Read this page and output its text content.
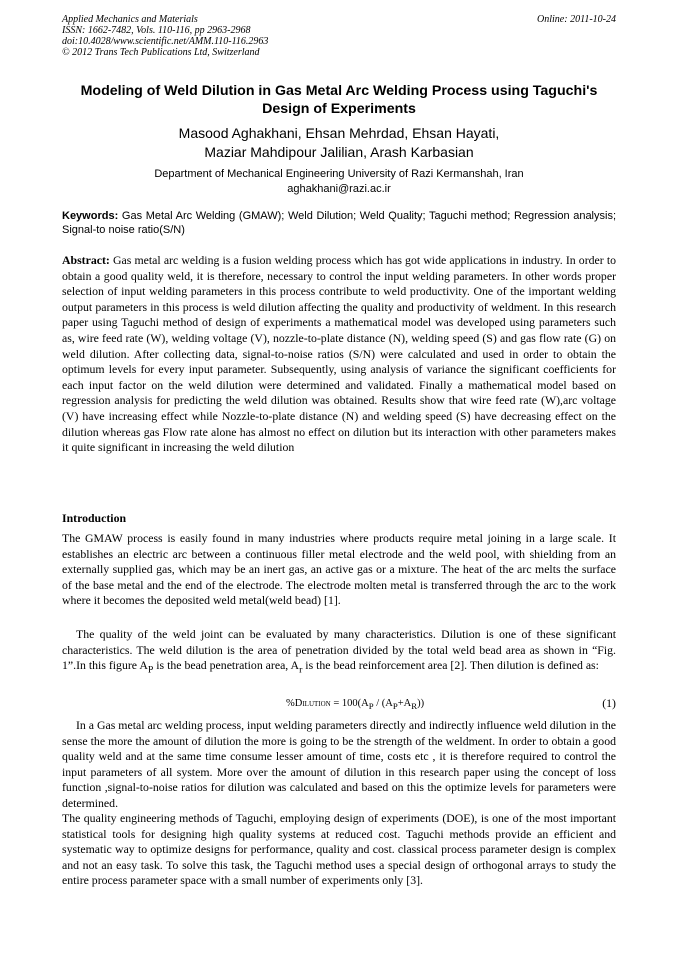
Applied Mechanics and Materials	Online: 2011-10-24
ISSN: 1662-7482, Vols. 110-116, pp 2963-2968
doi:10.4028/www.scientific.net/AMM.110-116.2963
© 2012 Trans Tech Publications Ltd, Switzerland
Modeling of Weld Dilution in Gas Metal Arc Welding Process using Taguchi's Design of Experiments
Masood Aghakhani, Ehsan Mehrdad, Ehsan Hayati,
Maziar Mahdipour Jalilian, Arash Karbasian
Department of Mechanical Engineering University of Razi Kermanshah, Iran
aghakhani@razi.ac.ir
Keywords: Gas Metal Arc Welding (GMAW); Weld Dilution; Weld Quality; Taguchi method; Regression analysis; Signal-to noise ratio(S/N)
Abstract: Gas metal arc welding is a fusion welding process which has got wide applications in industry. In order to obtain a good quality weld, it is therefore, necessary to control the input welding parameters. In other words proper selection of input welding parameters in this process contribute to weld productivity. One of the important welding output parameters in this process is weld dilution affecting the quality and productivity of weldment. In this research paper using Taguchi method of design of experiments a mathematical model was developed using parameters such as, wire feed rate (W), welding voltage (V), nozzle-to-plate distance (N), welding speed (S) and gas flow rate (G) on weld dilution. After collecting data, signal-to-noise ratios (S/N) were calculated and used in order to obtain the optimum levels for every input parameter. Subsequently, using analysis of variance the significant coefficients for each input factor on the weld dilution were determined and validated. Finally a mathematical model based on regression analysis for predicting the weld dilution was obtained. Results show that wire feed rate (W),arc voltage (V) have increasing effect while Nozzle-to-plate distance (N) and welding speed (S) have decreasing effect on the dilution whereas gas Flow rate alone has almost no effect on dilution but its interaction with other parameters makes it quite significant in increasing the weld dilution
Introduction
The GMAW process is easily found in many industries where products require metal joining in a large scale. It establishes an electric arc between a continuous filler metal electrode and the weld pool, with shielding from an externally supplied gas, which may be an inert gas, an active gas or a mixture. The heat of the arc melts the surface of the base metal and the end of the electrode. The electrode molten metal is transferred through the arc to the work where it becomes the deposited weld metal(weld bead) [1].
The quality of the weld joint can be evaluated by many characteristics. Dilution is one of these significant characteristics. The weld dilution is the area of penetration divided by the total weld bead area as shown in “Fig. 1”.In this figure $A_P$ is the bead penetration area, $A_r$ is the bead reinforcement area [2]. Then dilution is defined as:
%Dilution = $100(A_P / (A_P+A_R))$	(1)
In a Gas metal arc welding process, input welding parameters directly and indirectly influence weld dilution in the sense the more the amount of dilution the more is going to be the strength of the weldment. In order to obtain a good quality weld and at the same time consume lesser amount of time, costs etc , it is therefore required to control the input parameters of all system. More over the amount of dilution in this research paper using the concept of loss function ,signal-to-noise ratios for dilution was calculated and based on this the optimize levels for parameters were determined.
The quality engineering methods of Taguchi, employing design of experiments (DOE), is one of the most important statistical tools for designing high quality systems at reduced cost. Taguchi methods provide an efficient and systematic way to optimize designs for performance, quality and cost. classical process parameter design is complex and not an easy task. To solve this task, the Taguchi method uses a special design of orthogonal arrays to study the entire process parameter space with a small number of experiments only [3].
